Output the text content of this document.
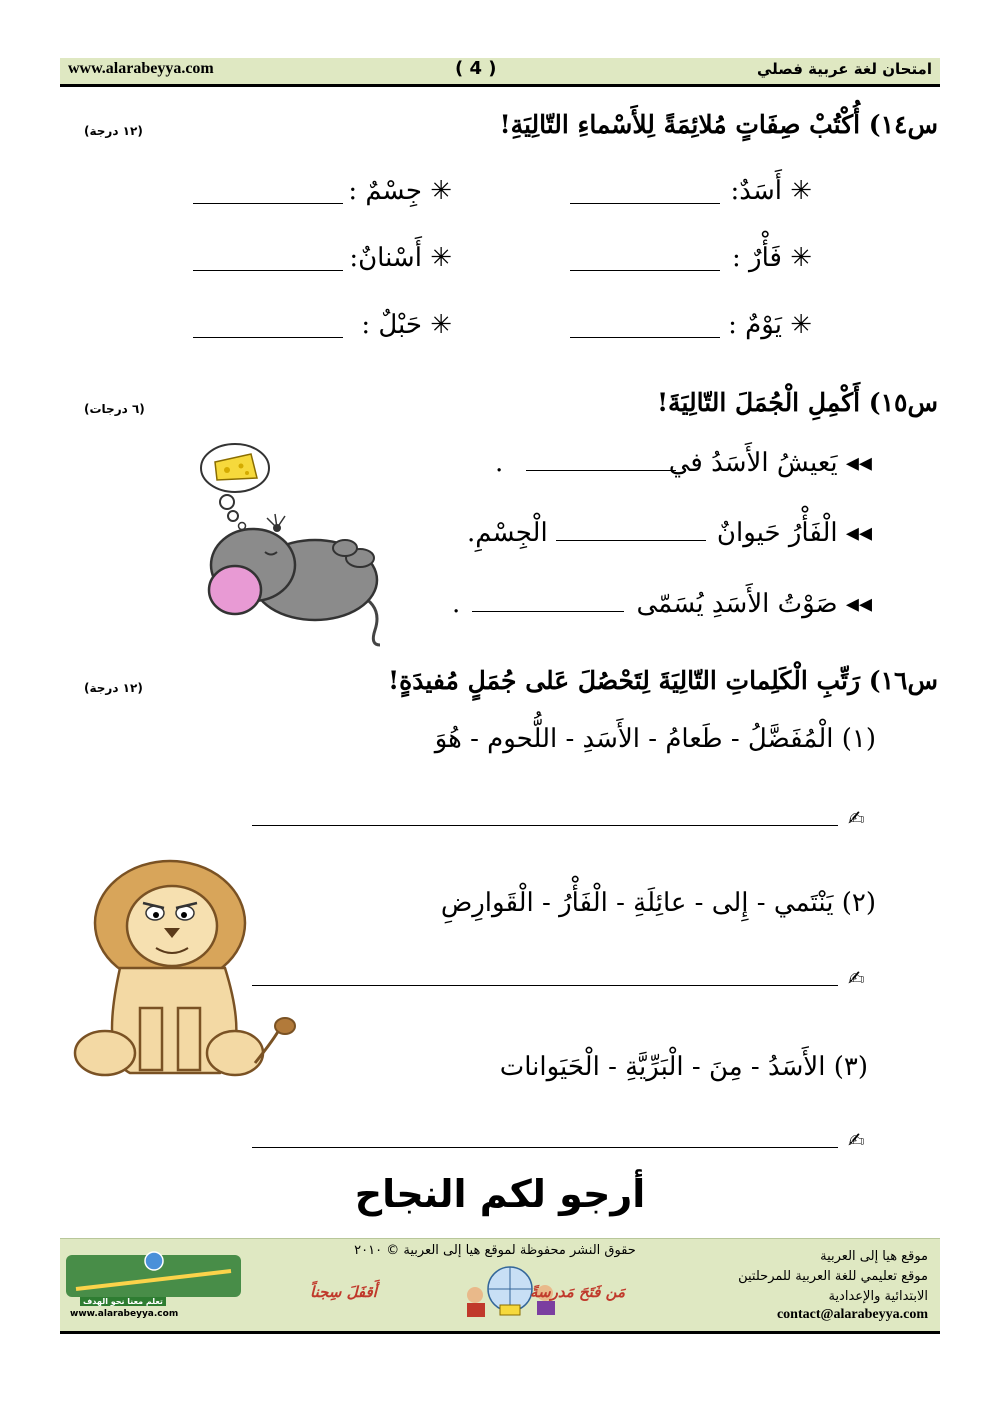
www.alarabeyya.com	( 4 )	امتحان لغة عربية فصلي
س١٤) أُكْتُبْ صِفَاتٍ مُلائِمَةً لِلأَسْماءِ التّالِيَةِ!
(١٢ درجة)
✳ أَسَدٌ:
✳ جِسْمٌ :
✳ فَأْرٌ :
✳ أَسْنانٌ:
✳ يَوْمٌ :
✳ حَبْلٌ :
س١٥) أَكْمِلِ الْجُمَلَ التّالِيَةَ!
(٦ درجات)
◂◂ يَعيشُ الأَسَدُ في
.
◂◂ الْفَأْرُ حَيوانٌ
الْجِسْمِ.
◂◂ صَوْتُ الأَسَدِ يُسَمّى
.
س١٦) رَتِّبِ الْكَلِماتِ التّالِيَةَ لِتَحْصُلَ عَلى جُمَلٍ مُفيدَةٍ!
(١٢ درجة)
(١) الْمُفَضَّلُ - طَعامُ - الأَسَدِ - اللُّحوم - هُوَ
✍
(٢) يَنْتَمي - إِلى - عائِلَةِ - الْفَأْرُ - الْقَوارِضِ
✍
(٣) الأَسَدُ - مِنَ - الْبَرِّيَّةِ - الْحَيَوانات
✍
أرجو لكم النجاح
تعلم معنا نحو الهدف
www.alarabeyya.com
حقوق النشر محفوظة لموقع هيا إلى العربية © ٢٠١٠
مَن فَتَحَ مَدرسةً
أَقفَلَ سِجناً
موقع هيا إلى العربية
موقع تعليمي للغة العربية للمرحلتين
الابتدائية والإعدادية
contact@alarabeyya.com
